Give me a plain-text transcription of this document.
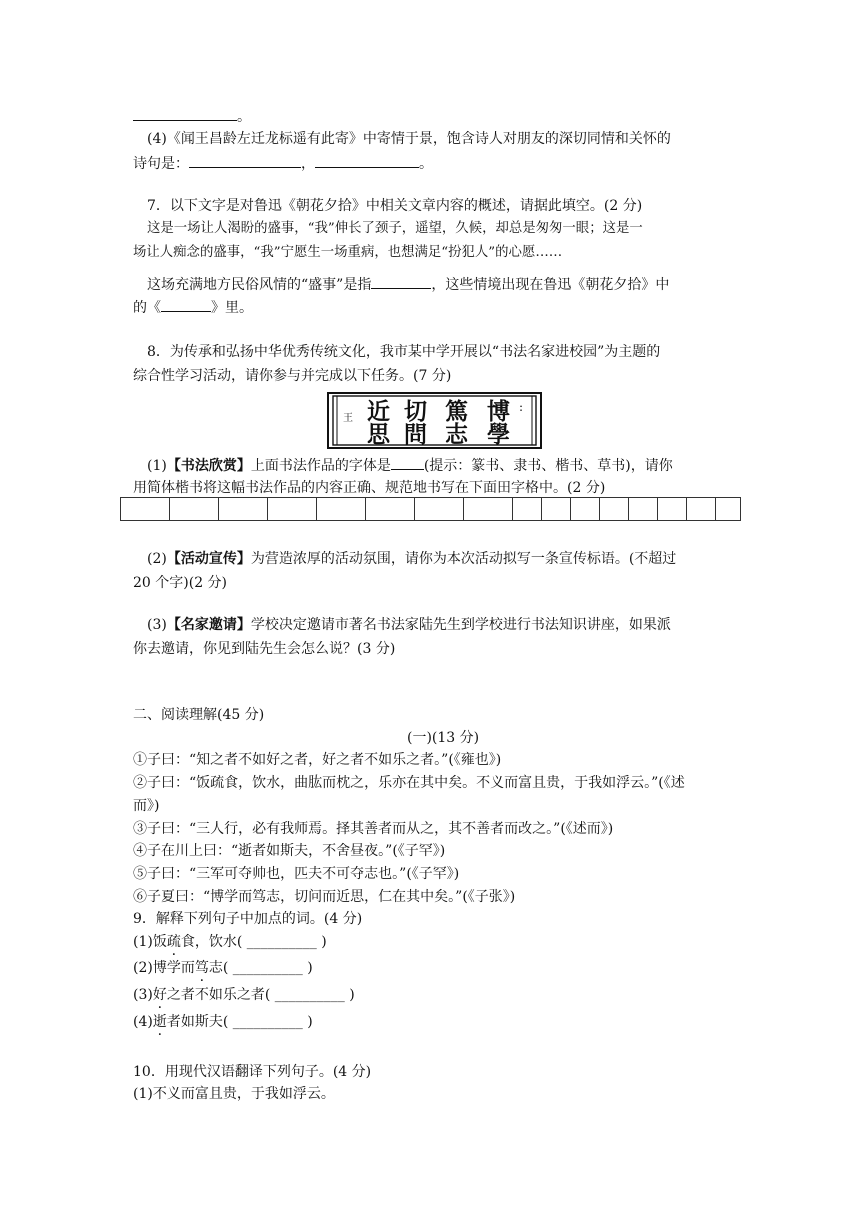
。
(4)《闻王昌龄左迁龙标遥有此寄》中寄情于景，饱含诗人对朋友的深切同情和关怀的
诗句是：	，	。
7．以下文字是对鲁迅《朝花夕拾》中相关文章内容的概述，请据此填空。(2 分)
这是一场让人渴盼的盛事，“我”伸长了颈子，遥望，久候，却总是匆匆一眼；这是一
场让人痴念的盛事，“我”宁愿生一场重病，也想满足“扮犯人”的心愿……
这场充满地方民俗风情的“盛事”是指	，这些情境出现在鲁迅《朝花夕拾》中
的《	》里。
8．为传承和弘扬中华优秀传统文化，我市某中学开展以“书法名家进校园”为主题的
综合性学习活动，请你参与并完成以下任务。(7 分)
近 切 篤 博
思 問 志 學
王
:
(1)【书法欣赏】上面书法作品的字体是 (提示：篆书、隶书、楷书、草书)，请你
用简体楷书将这幅书法作品的内容正确、规范地书写在下面田字格中。(2 分)
(2)【活动宣传】为营造浓厚的活动氛围，请你为本次活动拟写一条宣传标语。(不超过
20 个字)(2 分)
(3)【名家邀请】学校决定邀请市著名书法家陆先生到学校进行书法知识讲座，如果派
你去邀请，你见到陆先生会怎么说？(3 分)
二、阅读理解(45 分)
(一)(13 分)
①子曰：“知之者不如好之者，好之者不如乐之者。”(《雍也》)
②子曰：“饭疏食，饮水，曲肱而枕之，乐亦在其中矣。不义而富且贵，于我如浮云。”(《述
而》)
③子曰：“三人行，必有我师焉。择其善者而从之，其不善者而改之。”(《述而》)
④子在川上曰：“逝者如斯夫，不舍昼夜。”(《子罕》)
⑤子曰：“三军可夺帅也，匹夫不可夺志也。”(《子罕》)
⑥子夏曰：“博学而笃志，切问而近思，仁在其中矣。”(《子张》)
9．解释下列句子中加点的词。(4 分)
(1)饭疏食，饮水( __________ )
(2)博学而笃志( __________ )
(3)好之者不如乐之者( __________ )
(4)逝者如斯夫( __________ )
10．用现代汉语翻译下列句子。(4 分)
(1)不义而富且贵，于我如浮云。
